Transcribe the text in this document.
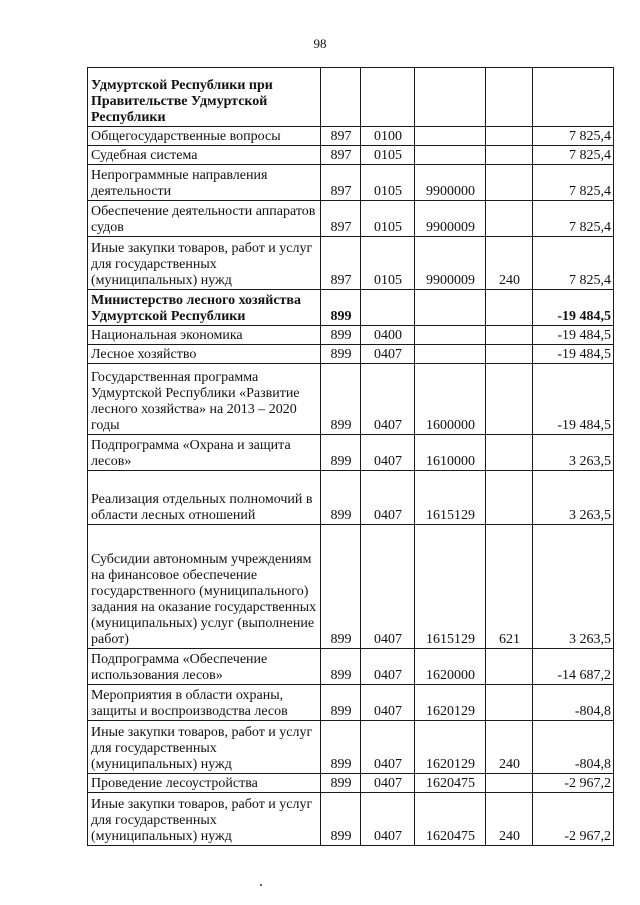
98
Удмуртской Республики при Правительстве Удмуртской Республики					
Общегосударственные вопросы	897	0100			7 825,4
Судебная система	897	0105			7 825,4
Непрограммные направления деятельности	897	0105	9900000		7 825,4
Обеспечение деятельности аппаратов судов	897	0105	9900009		7 825,4
Иные закупки товаров, работ и услуг для государственных (муниципальных) нужд	897	0105	9900009	240	7 825,4
Министерство лесного хозяйства Удмуртской Республики	899				-19 484,5
Национальная экономика	899	0400			-19 484,5
Лесное хозяйство	899	0407			-19 484,5
Государственная программа Удмуртской Республики «Развитие лесного хозяйства» на 2013 – 2020 годы	899	0407	1600000		-19 484,5
Подпрограмма «Охрана и защита лесов»	899	0407	1610000		3 263,5
Реализация отдельных полномочий в области лесных отношений	899	0407	1615129		3 263,5
Субсидии автономным учреждениям на финансовое обеспечение государственного (муниципального) задания на оказание государственных (муниципальных) услуг (выполнение работ)	899	0407	1615129	621	3 263,5
Подпрограмма «Обеспечение использования лесов»	899	0407	1620000		-14 687,2
Мероприятия в области охраны, защиты и воспроизводства лесов	899	0407	1620129		-804,8
Иные закупки товаров, работ и услуг для государственных (муниципальных) нужд	899	0407	1620129	240	-804,8
Проведение лесоустройства	899	0407	1620475		-2 967,2
Иные закупки товаров, работ и услуг для государственных (муниципальных) нужд	899	0407	1620475	240	-2 967,2
